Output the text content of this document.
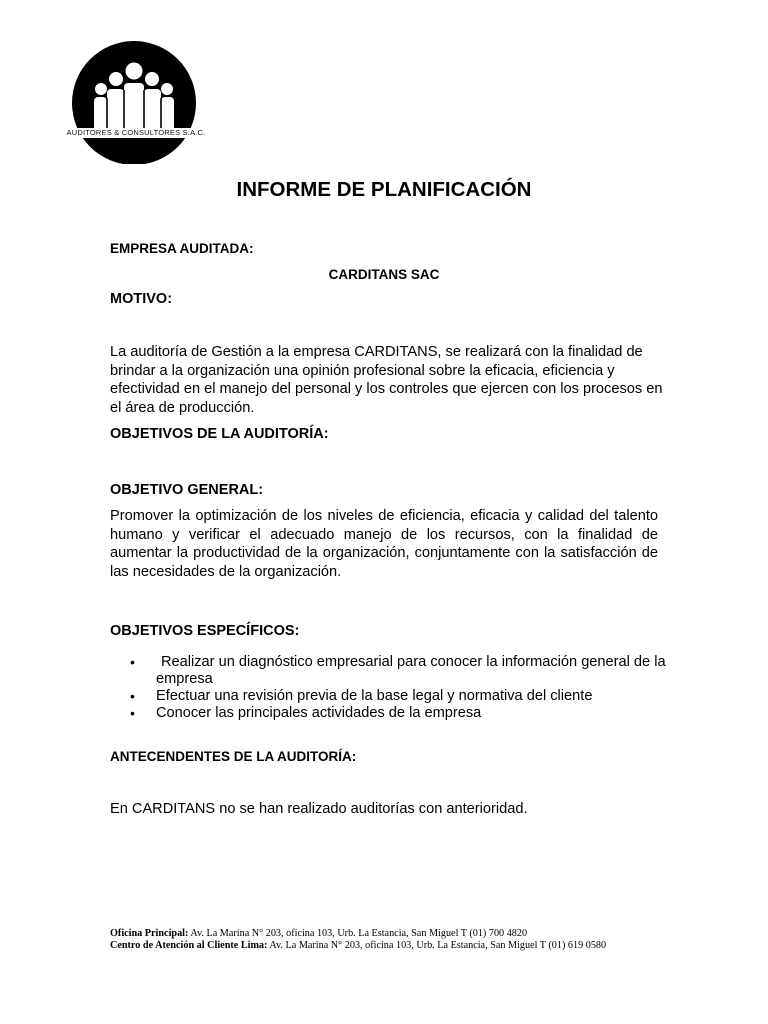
AUDITORES & CONSULTORES S.A.C.
INFORME DE PLANIFICACIÓN
EMPRESA AUDITADA:
CARDITANS SAC
MOTIVO:
La auditoría de Gestión a la empresa CARDITANS, se realizará con la finalidad de brindar a la organización una opinión profesional sobre la eficacia, eficiencia y efectividad en el manejo del personal y los controles que ejercen con los procesos en el área de producción.
OBJETIVOS DE LA AUDITORÍA:
OBJETIVO GENERAL:
Promover la optimización de los niveles de eficiencia, eficacia y calidad del talento humano y verificar el adecuado manejo de los recursos, con la finalidad de aumentar la productividad de la organización, conjuntamente con la satisfacción de las necesidades de la organización.
OBJETIVOS ESPECÍFICOS:
• Realizar un diagnóstico empresarial para conocer la información general de la empresa
• Efectuar una revisión previa de la base legal y normativa del cliente
• Conocer las principales actividades de la empresa
ANTECENDENTES DE LA AUDITORÍA:
En CARDITANS no se han realizado auditorías con anterioridad.
Oficina Principal: Av. La Marina N° 203, oficina 103, Urb. La Estancia, San Miguel T (01) 700 4820
Centro de Atención al Cliente Lima: Av. La Marina N° 203, oficina 103, Urb. La Estancia, San Miguel T (01) 619 0580
